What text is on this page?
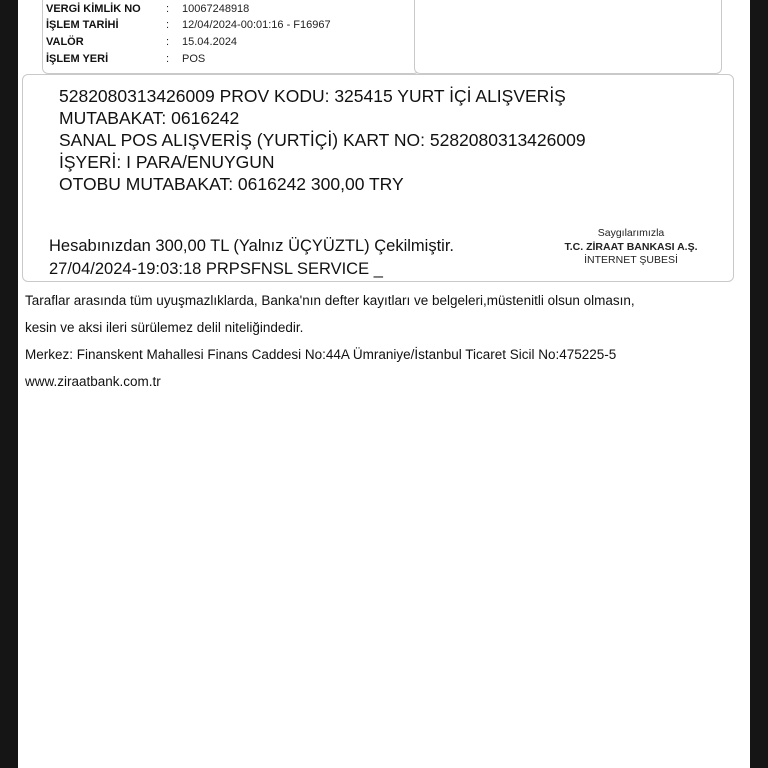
VERGİ KİMLİK NO	: 10067248918
İŞLEM TARİHİ	: 12/04/2024-00:01:16 - F16967
VALÖR	: 15.04.2024
İŞLEM YERİ	: POS
5282080313426009 PROV KODU: 325415 YURT İÇİ ALIŞVERİŞ
MUTABAKAT: 0616242
SANAL POS ALIŞVERİŞ (YURTİÇİ) KART NO: 5282080313426009
İŞYERİ: I PARA/ENUYGUN
OTOBU MUTABAKAT: 0616242 300,00 TRY
Hesabınızdan 300,00 TL (Yalnız ÜÇYÜZTL) Çekilmiştir.
27/04/2024-19:03:18 PRPSFNSL SERVICE _
Saygılarımızla
T.C. ZİRAAT BANKASI A.Ş.
İNTERNET ŞUBESİ
Taraflar arasında tüm uyuşmazlıklarda, Banka'nın defter kayıtları ve belgeleri,müstenitli olsun olmasın,
kesin ve aksi ileri sürülemez delil niteliğindedir.
Merkez: Finanskent Mahallesi Finans Caddesi No:44A Ümraniye/İstanbul Ticaret Sicil No:475225-5
www.ziraatbank.com.tr
